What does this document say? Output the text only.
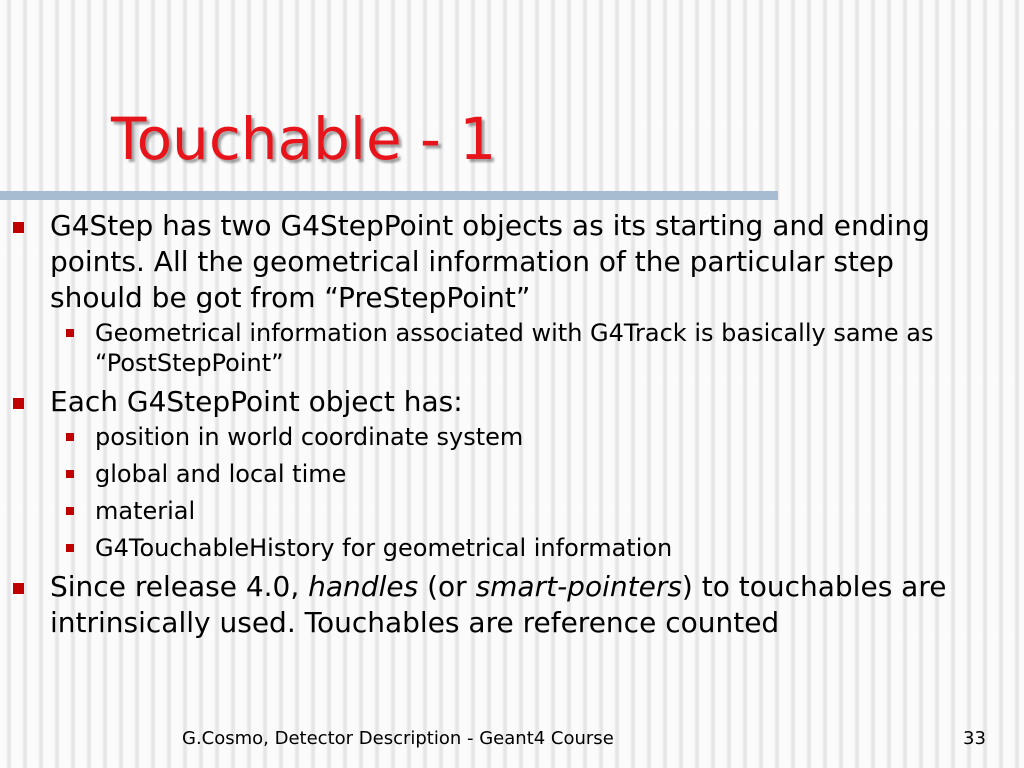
Touchable - 1
G4Step has two G4StepPoint objects as its starting and ending points. All the geometrical information of the particular step should be got from “PreStepPoint”
Geometrical information associated with G4Track is basically same as “PostStepPoint”
Each G4StepPoint object has:
position in world coordinate system
global and local time
material
G4TouchableHistory for geometrical information
Since release 4.0, handles (or smart-pointers) to touchables are intrinsically used. Touchables are reference counted
G.Cosmo, Detector Description - Geant4 Course	33
